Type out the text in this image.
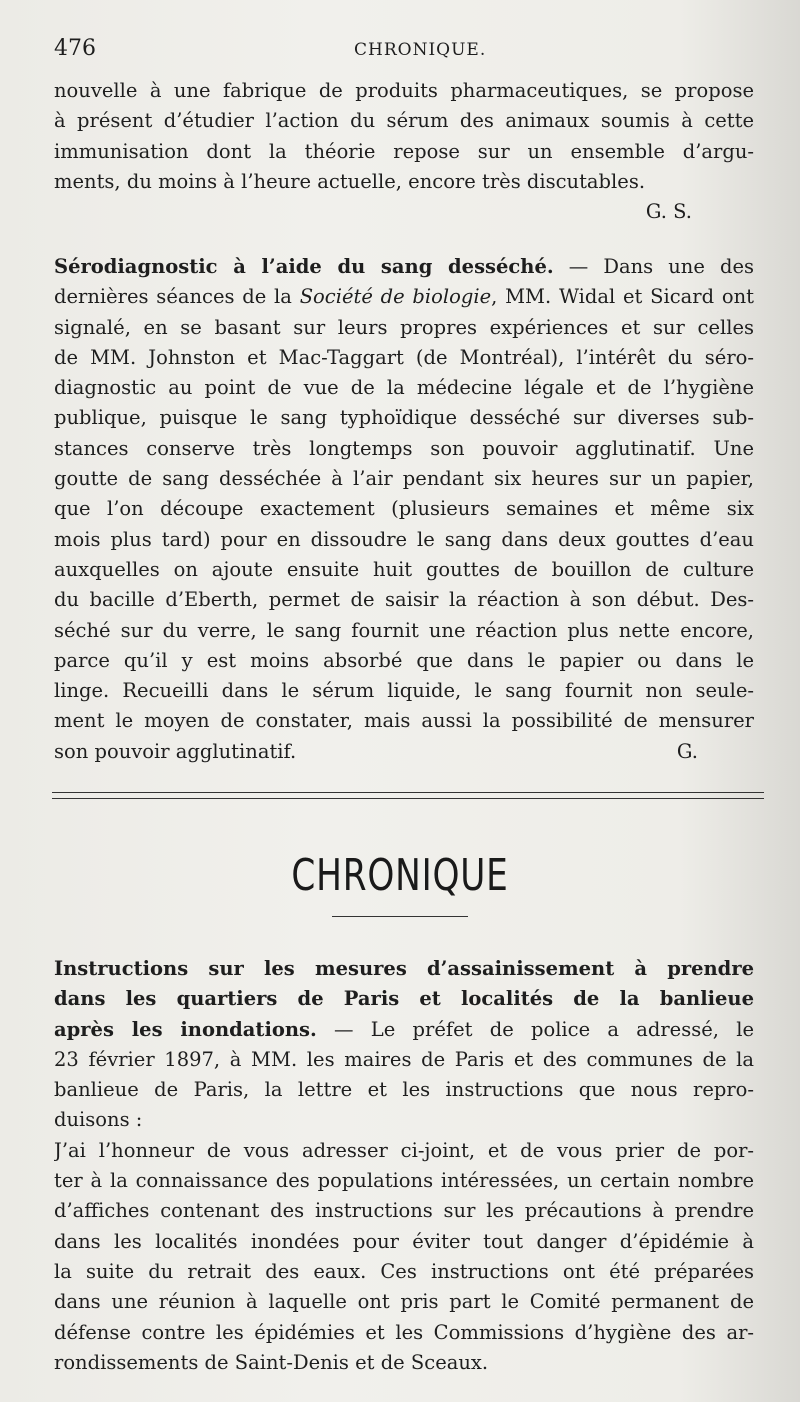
476	CHRONIQUE.
nouvelle à une fabrique de produits pharmaceutiques, se propose
à présent d’étudier l’action du sérum des animaux soumis à cette
immunisation dont la théorie repose sur un ensemble d’argu-
ments, du moins à l’heure actuelle, encore très discutables.
G. S.
Sérodiagnostic à l’aide du sang desséché. — Dans une des
dernières séances de la Société de biologie, MM. Widal et Sicard ont
signalé, en se basant sur leurs propres expériences et sur celles
de MM. Johnston et Mac-Taggart (de Montréal), l’intérêt du séro-
diagnostic au point de vue de la médecine légale et de l’hygiène
publique, puisque le sang typhoïdique desséché sur diverses sub-
stances conserve très longtemps son pouvoir agglutinatif. Une
goutte de sang desséchée à l’air pendant six heures sur un papier,
que l’on découpe exactement (plusieurs semaines et même six
mois plus tard) pour en dissoudre le sang dans deux gouttes d’eau
auxquelles on ajoute ensuite huit gouttes de bouillon de culture
du bacille d’Eberth, permet de saisir la réaction à son début. Des-
séché sur du verre, le sang fournit une réaction plus nette encore,
parce qu’il y est moins absorbé que dans le papier ou dans le
linge. Recueilli dans le sérum liquide, le sang fournit non seule-
ment le moyen de constater, mais aussi la possibilité de mensurer
son pouvoir agglutinatif.	G.
CHRONIQUE
Instructions sur les mesures d’assainissement à prendre
dans les quartiers de Paris et localités de la banlieue
après les inondations. — Le préfet de police a adressé, le
23 février 1897, à MM. les maires de Paris et des communes de la
banlieue de Paris, la lettre et les instructions que nous repro-
duisons :
J’ai l’honneur de vous adresser ci-joint, et de vous prier de por-
ter à la connaissance des populations intéressées, un certain nombre
d’affiches contenant des instructions sur les précautions à prendre
dans les localités inondées pour éviter tout danger d’épidémie à
la suite du retrait des eaux. Ces instructions ont été préparées
dans une réunion à laquelle ont pris part le Comité permanent de
défense contre les épidémies et les Commissions d’hygiène des ar-
rondissements de Saint-Denis et de Sceaux.
